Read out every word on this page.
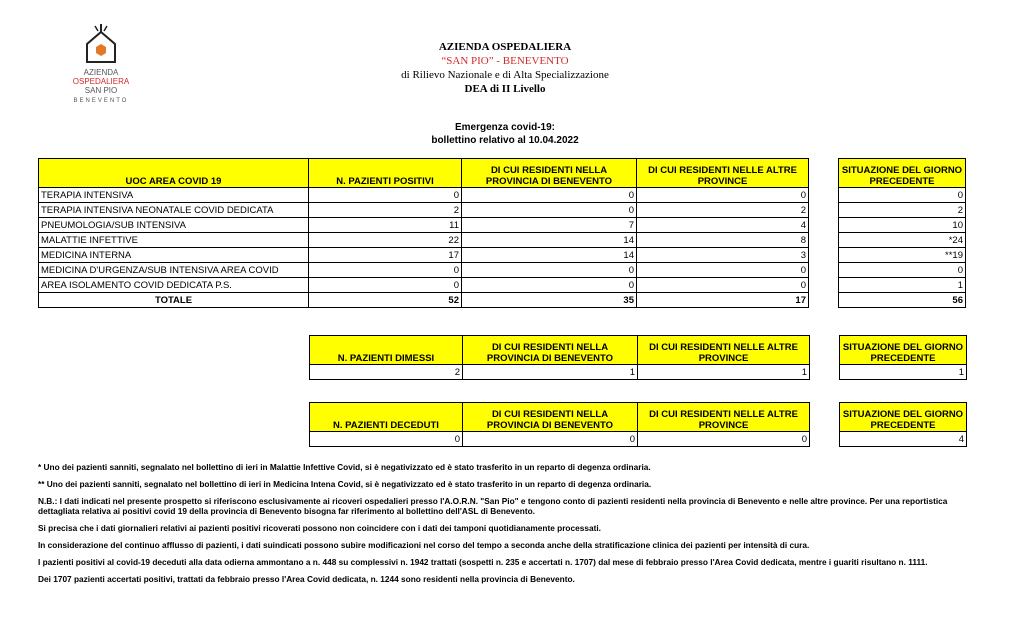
AZIENDA
OSPEDALIERA
SAN PIO
BENEVENTO
AZIENDA OSPEDALIERA
“SAN PIO” - BENEVENTO
di Rilievo Nazionale e di Alta Specializzazione
DEA di II Livello
Emergenza covid-19:
bollettino relativo al 10.04.2022
UOC AREA COVID 19	N. PAZIENTI POSITIVI	DI CUI RESIDENTI NELLA PROVINCIA DI BENEVENTO	DI CUI RESIDENTI NELLE ALTRE PROVINCE		SITUAZIONE DEL GIORNO PRECEDENTE
TERAPIA INTENSIVA	0	0	0		0
TERAPIA INTENSIVA NEONATALE COVID DEDICATA	2	0	2		2
PNEUMOLOGIA/SUB INTENSIVA	11	7	4		10
MALATTIE INFETTIVE	22	14	8		*24
MEDICINA INTERNA	17	14	3		**19
MEDICINA D'URGENZA/SUB INTENSIVA AREA COVID	0	0	0		0
AREA ISOLAMENTO COVID DEDICATA P.S.	0	0	0		1
TOTALE	52	35	17		56
N. PAZIENTI DIMESSI	DI CUI RESIDENTI NELLA PROVINCIA DI BENEVENTO	DI CUI RESIDENTI NELLE ALTRE PROVINCE		SITUAZIONE DEL GIORNO PRECEDENTE
2	1	1		1
N. PAZIENTI DECEDUTI	DI CUI RESIDENTI NELLA PROVINCIA DI BENEVENTO	DI CUI RESIDENTI NELLE ALTRE PROVINCE		SITUAZIONE DEL GIORNO PRECEDENTE
0	0	0		4

* Uno dei pazienti sanniti, segnalato nel bollettino di ieri in Malattie Infettive Covid, si è negativizzato ed è stato trasferito in un reparto di degenza ordinaria.

** Uno dei pazienti sanniti, segnalato nel bollettino di ieri in Medicina Intena Covid, si è negativizzato ed è stato trasferito in un reparto di degenza ordinaria.

N.B.: I dati indicati nel presente prospetto si riferiscono esclusivamente ai ricoveri ospedalieri presso l'A.O.R.N. "San Pio" e tengono conto di pazienti residenti nella provincia di Benevento e nelle altre province. Per una reportistica dettagliata relativa ai positivi covid 19 della provincia di Benevento bisogna far riferimento al bollettino dell'ASL di Benevento.

Si precisa che i dati giornalieri relativi ai pazienti positivi ricoverati possono non coincidere con i dati dei tamponi quotidianamente processati.

In considerazione del continuo afflusso di pazienti, i dati suindicati possono subire modificazioni nel corso del tempo a seconda anche della stratificazione clinica dei pazienti per intensità di cura.

I pazienti positivi al covid-19 deceduti alla data odierna ammontano a n. 448 su complessivi n. 1942 trattati (sospetti n. 235 e accertati n. 1707) dal mese di febbraio presso l'Area Covid dedicata, mentre i guariti risultano n. 1111.

Dei 1707 pazienti accertati positivi, trattati da febbraio presso l'Area Covid dedicata, n. 1244 sono residenti nella provincia di Benevento.
